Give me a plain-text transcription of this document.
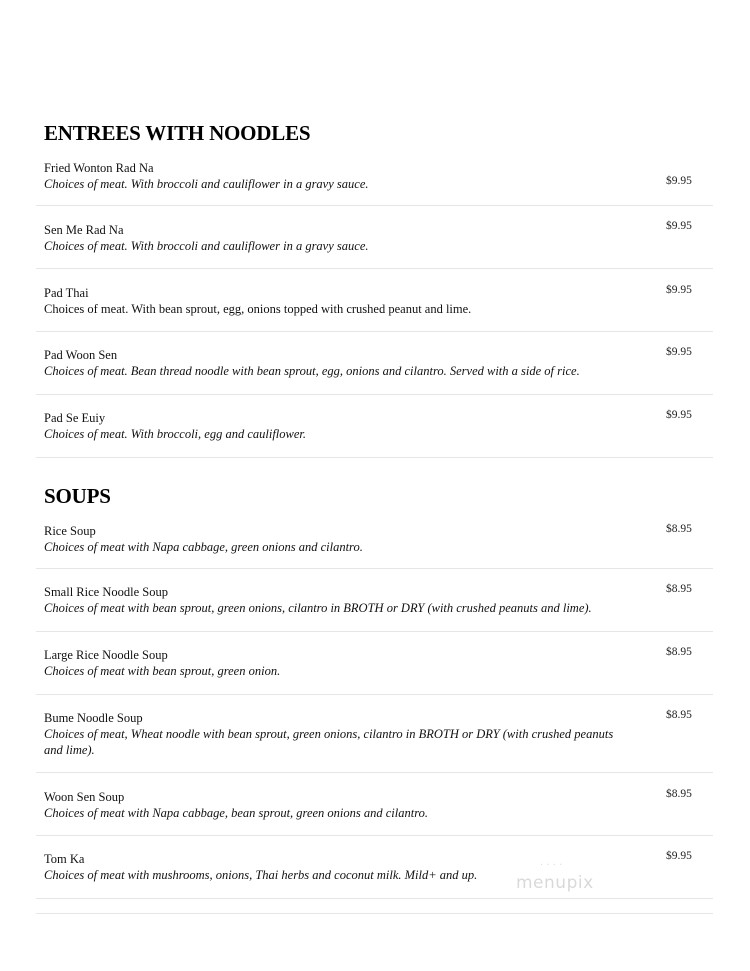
ENTREES WITH NOODLES
Fried Wonton Rad Na
Choices of meat. With broccoli and cauliflower in a gravy sauce.	$9.95
Sen Me Rad Na
Choices of meat. With broccoli and cauliflower in a gravy sauce.
$9.95
Pad Thai
Choices of meat. With bean sprout, egg, onions topped with crushed peanut and lime.
$9.95
Pad Woon Sen
Choices of meat. Bean thread noodle with bean sprout, egg, onions and cilantro. Served with a side of rice.
$9.95
Pad Se Euiy
Choices of meat. With broccoli, egg and cauliflower.
$9.95
SOUPS
Rice Soup
Choices of meat with Napa cabbage, green onions and cilantro.
$8.95
Small Rice Noodle Soup
Choices of meat with bean sprout, green onions, cilantro in BROTH or DRY (with crushed peanuts and lime).
$8.95
Large Rice Noodle Soup
Choices of meat with bean sprout, green onion.
$8.95
Bume Noodle Soup
Choices of meat, Wheat noodle with bean sprout, green onions, cilantro in BROTH or DRY (with crushed peanuts and lime).
$8.95
Woon Sen Soup
Choices of meat with Napa cabbage, bean sprout, green onions and cilantro.
$8.95
Tom Ka
Choices of meat with mushrooms, onions, Thai herbs and coconut milk. Mild+ and up.
$9.95
· · · ·
menupix
